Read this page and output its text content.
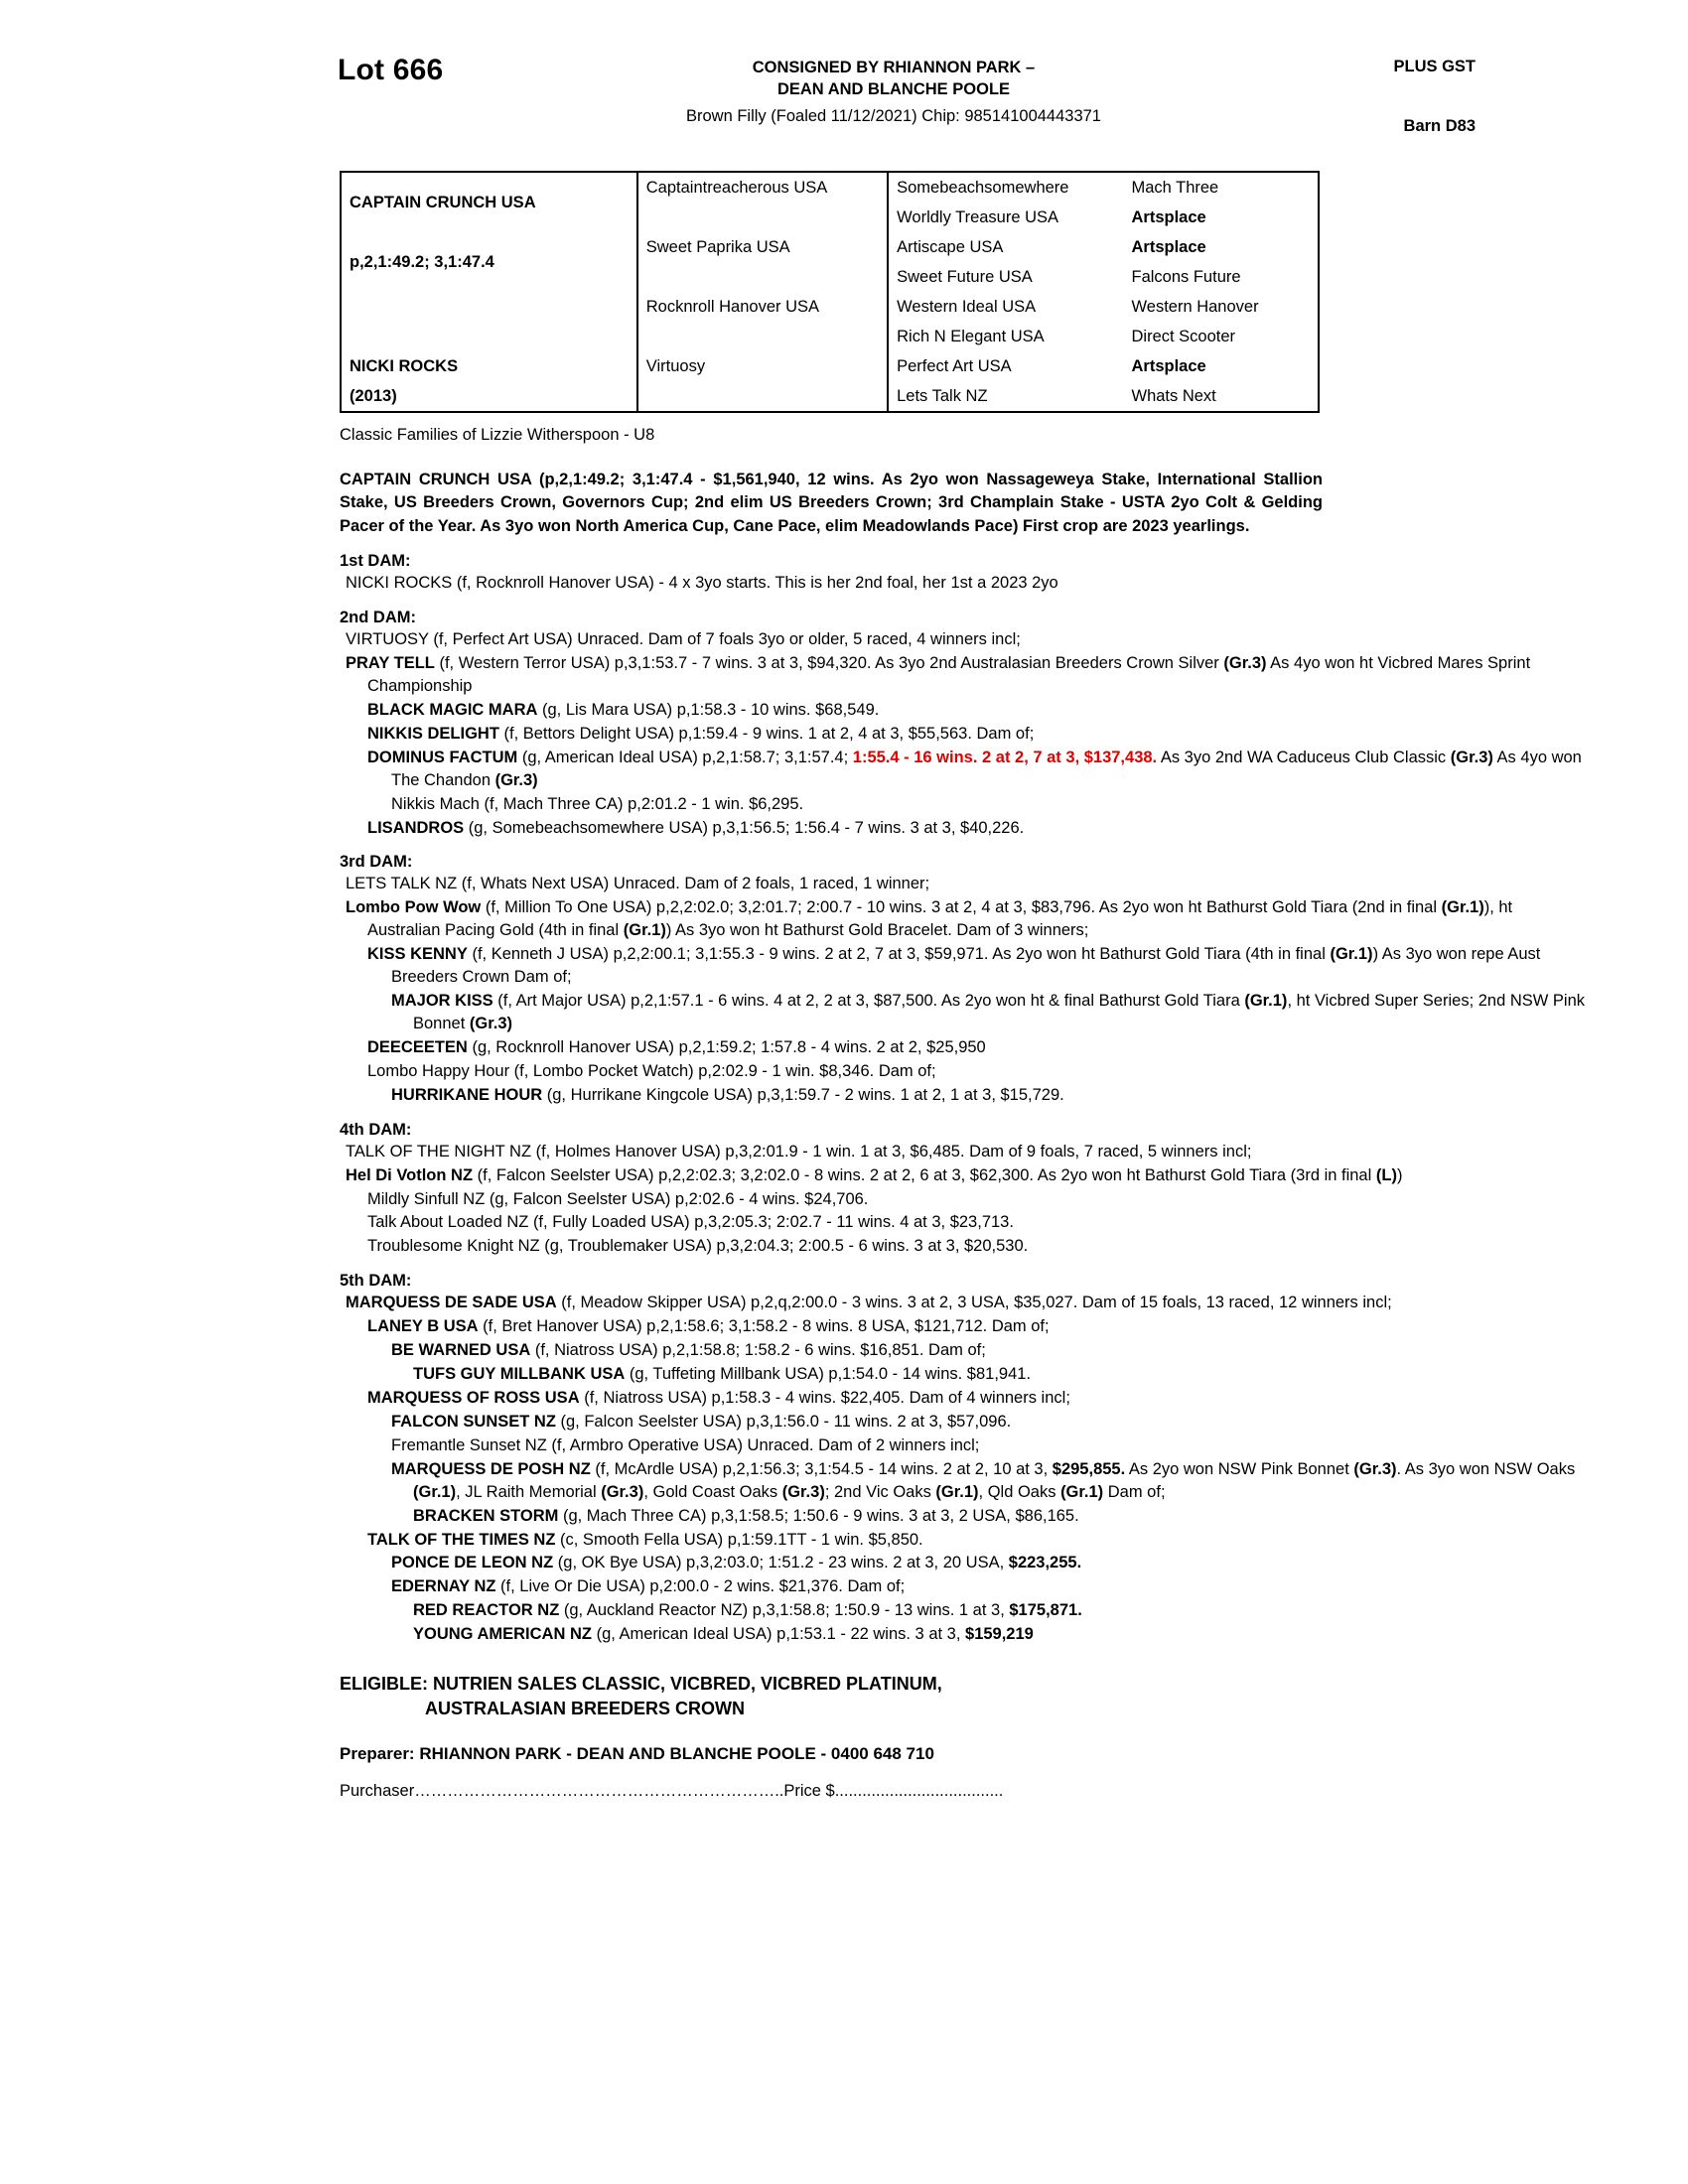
Lot 666	CONSIGNED BY RHIANNON PARK –
DEAN AND BLANCHE POOLE
PLUS GST
Barn D83
Brown Filly (Foaled 11/12/2021) Chip: 985141004443371
CAPTAIN CRUNCH USA	Captaintreacherous USA	Somebeachsomewhere	Mach Three
		Worldly Treasure USA	Artsplace
p,2,1:49.2; 3,1:47.4	Sweet Paprika USA	Artiscape USA	Artsplace
		Sweet Future USA	Falcons Future
	Rocknroll Hanover USA	Western Ideal USA	Western Hanover
		Rich N Elegant USA	Direct Scooter
NICKI ROCKS	Virtuosy	Perfect Art USA	Artsplace
(2013)		Lets Talk NZ	Whats Next
Classic Families of Lizzie Witherspoon - U8
CAPTAIN CRUNCH USA (p,2,1:49.2; 3,1:47.4 - $1,561,940, 12 wins. As 2yo won Nassageweya Stake, International Stallion Stake, US Breeders Crown, Governors Cup; 2nd elim US Breeders Crown; 3rd Champlain Stake - USTA 2yo Colt & Gelding Pacer of the Year. As 3yo won North America Cup, Cane Pace, elim Meadowlands Pace) First crop are 2023 yearlings.
1st DAM:
NICKI ROCKS (f, Rocknroll Hanover USA) - 4 x 3yo starts. This is her 2nd foal, her 1st a 2023 2yo
2nd DAM:
VIRTUOSY (f, Perfect Art USA) Unraced. Dam of 7 foals 3yo or older, 5 raced, 4 winners incl;
PRAY TELL (f, Western Terror USA) p,3,1:53.7 - 7 wins. 3 at 3, $94,320. As 3yo 2nd Australasian Breeders Crown Silver (Gr.3) As 4yo won ht Vicbred Mares Sprint Championship
BLACK MAGIC MARA (g, Lis Mara USA) p,1:58.3 - 10 wins. $68,549.
NIKKIS DELIGHT (f, Bettors Delight USA) p,1:59.4 - 9 wins. 1 at 2, 4 at 3, $55,563. Dam of;
DOMINUS FACTUM (g, American Ideal USA) p,2,1:58.7; 3,1:57.4; 1:55.4 - 16 wins. 2 at 2, 7 at 3, $137,438. As 3yo 2nd WA Caduceus Club Classic (Gr.3) As 4yo won The Chandon (Gr.3)
Nikkis Mach (f, Mach Three CA) p,2:01.2 - 1 win. $6,295.
LISANDROS (g, Somebeachsomewhere USA) p,3,1:56.5; 1:56.4 - 7 wins. 3 at 3, $40,226.
3rd DAM:
LETS TALK NZ (f, Whats Next USA) Unraced. Dam of 2 foals, 1 raced, 1 winner;
Lombo Pow Wow (f, Million To One USA) p,2,2:02.0; 3,2:01.7; 2:00.7 - 10 wins. 3 at 2, 4 at 3, $83,796. As 2yo won ht Bathurst Gold Tiara (2nd in final (Gr.1)), ht Australian Pacing Gold (4th in final (Gr.1)) As 3yo won ht Bathurst Gold Bracelet. Dam of 3 winners;
KISS KENNY (f, Kenneth J USA) p,2,2:00.1; 3,1:55.3 - 9 wins. 2 at 2, 7 at 3, $59,971. As 2yo won ht Bathurst Gold Tiara (4th in final (Gr.1)) As 3yo won repe Aust Breeders Crown Dam of;
MAJOR KISS (f, Art Major USA) p,2,1:57.1 - 6 wins. 4 at 2, 2 at 3, $87,500. As 2yo won ht & final Bathurst Gold Tiara (Gr.1), ht Vicbred Super Series; 2nd NSW Pink Bonnet (Gr.3)
DEECEETEN (g, Rocknroll Hanover USA) p,2,1:59.2; 1:57.8 - 4 wins. 2 at 2, $25,950
Lombo Happy Hour (f, Lombo Pocket Watch) p,2:02.9 - 1 win. $8,346. Dam of;
HURRIKANE HOUR (g, Hurrikane Kingcole USA) p,3,1:59.7 - 2 wins. 1 at 2, 1 at 3, $15,729.
4th DAM:
TALK OF THE NIGHT NZ (f, Holmes Hanover USA) p,3,2:01.9 - 1 win. 1 at 3, $6,485. Dam of 9 foals, 7 raced, 5 winners incl;
Hel Di Votlon NZ (f, Falcon Seelster USA) p,2,2:02.3; 3,2:02.0 - 8 wins. 2 at 2, 6 at 3, $62,300. As 2yo won ht Bathurst Gold Tiara (3rd in final (L))
Mildly Sinfull NZ (g, Falcon Seelster USA) p,2:02.6 - 4 wins. $24,706.
Talk About Loaded NZ (f, Fully Loaded USA) p,3,2:05.3; 2:02.7 - 11 wins. 4 at 3, $23,713.
Troublesome Knight NZ (g, Troublemaker USA) p,3,2:04.3; 2:00.5 - 6 wins. 3 at 3, $20,530.
5th DAM:
MARQUESS DE SADE USA (f, Meadow Skipper USA) p,2,q,2:00.0 - 3 wins. 3 at 2, 3 USA, $35,027. Dam of 15 foals, 13 raced, 12 winners incl;
LANEY B USA (f, Bret Hanover USA) p,2,1:58.6; 3,1:58.2 - 8 wins. 8 USA, $121,712. Dam of;
BE WARNED USA (f, Niatross USA) p,2,1:58.8; 1:58.2 - 6 wins. $16,851. Dam of;
TUFS GUY MILLBANK USA (g, Tuffeting Millbank USA) p,1:54.0 - 14 wins. $81,941.
MARQUESS OF ROSS USA (f, Niatross USA) p,1:58.3 - 4 wins. $22,405. Dam of 4 winners incl;
FALCON SUNSET NZ (g, Falcon Seelster USA) p,3,1:56.0 - 11 wins. 2 at 3, $57,096.
Fremantle Sunset NZ (f, Armbro Operative USA) Unraced. Dam of 2 winners incl;
MARQUESS DE POSH NZ (f, McArdle USA) p,2,1:56.3; 3,1:54.5 - 14 wins. 2 at 2, 10 at 3, $295,855. As 2yo won NSW Pink Bonnet (Gr.3). As 3yo won NSW Oaks (Gr.1), JL Raith Memorial (Gr.3), Gold Coast Oaks (Gr.3); 2nd Vic Oaks (Gr.1), Qld Oaks (Gr.1) Dam of;
BRACKEN STORM (g, Mach Three CA) p,3,1:58.5; 1:50.6 - 9 wins. 3 at 3, 2 USA, $86,165.
TALK OF THE TIMES NZ (c, Smooth Fella USA) p,1:59.1TT - 1 win. $5,850.
PONCE DE LEON NZ (g, OK Bye USA) p,3,2:03.0; 1:51.2 - 23 wins. 2 at 3, 20 USA, $223,255.
EDERNAY NZ (f, Live Or Die USA) p,2:00.0 - 2 wins. $21,376. Dam of;
RED REACTOR NZ (g, Auckland Reactor NZ) p,3,1:58.8; 1:50.9 - 13 wins. 1 at 3, $175,871.
YOUNG AMERICAN NZ (g, American Ideal USA) p,1:53.1 - 22 wins. 3 at 3, $159,219
ELIGIBLE: NUTRIEN SALES CLASSIC, VICBRED, VICBRED PLATINUM,
AUSTRALASIAN BREEDERS CROWN
Preparer: RHIANNON PARK - DEAN AND BLANCHE POOLE - 0400 648 710
Purchaser…………………………………………………………..Price $.....................................
